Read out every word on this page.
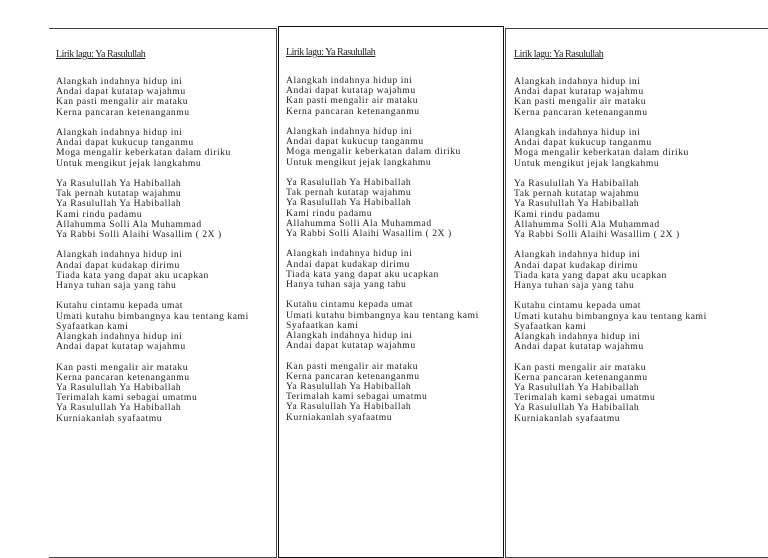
Lirik lagu: Ya Rasulullah
Alangkah indahnya hidup ini
Andai dapat kutatap wajahmu
Kan pasti mengalir air mataku
Kerna pancaran ketenanganmu
Alangkah indahnya hidup ini
Andai dapat kukucup tanganmu
Moga mengalir keberkatan dalam diriku
Untuk mengikut jejak langkahmu
Ya Rasulullah Ya Habiballah
Tak pernah kutatap wajahmu
Ya Rasulullah Ya Habiballah
Kami rindu padamu
Allahumma Solli Ala Muhammad
Ya Rabbi Solli Alaihi Wasallim ( 2X )
Alangkah indahnya hidup ini
Andai dapat kudakap dirimu
Tiada kata yang dapat aku ucapkan
Hanya tuhan saja yang tahu
Kutahu cintamu kepada umat
Umati kutahu bimbangnya kau tentang kami
Syafaatkan kami
Alangkah indahnya hidup ini
Andai dapat kutatap wajahmu
Kan pasti mengalir air mataku
Kerna pancaran ketenanganmu
Ya Rasulullah Ya Habiballah
Terimalah kami sebagai umatmu
Ya Rasulullah Ya Habiballah
Kurniakanlah syafaatmu
Lirik lagu: Ya Rasulullah
Alangkah indahnya hidup ini
Andai dapat kutatap wajahmu
Kan pasti mengalir air mataku
Kerna pancaran ketenanganmu
Alangkah indahnya hidup ini
Andai dapat kukucup tanganmu
Moga mengalir keberkatan dalam diriku
Untuk mengikut jejak langkahmu
Ya Rasulullah Ya Habiballah
Tak pernah kutatap wajahmu
Ya Rasulullah Ya Habiballah
Kami rindu padamu
Allahumma Solli Ala Muhammad
Ya Rabbi Solli Alaihi Wasallim ( 2X )
Alangkah indahnya hidup ini
Andai dapat kudakap dirimu
Tiada kata yang dapat aku ucapkan
Hanya tuhan saja yang tahu
Kutahu cintamu kepada umat
Umati kutahu bimbangnya kau tentang kami
Syafaatkan kami
Alangkah indahnya hidup ini
Andai dapat kutatap wajahmu
Kan pasti mengalir air mataku
Kerna pancaran ketenanganmu
Ya Rasulullah Ya Habiballah
Terimalah kami sebagai umatmu
Ya Rasulullah Ya Habiballah
Kurniakanlah syafaatmu
Lirik lagu: Ya Rasulullah
Alangkah indahnya hidup ini
Andai dapat kutatap wajahmu
Kan pasti mengalir air mataku
Kerna pancaran ketenanganmu
Alangkah indahnya hidup ini
Andai dapat kukucup tanganmu
Moga mengalir keberkatan dalam diriku
Untuk mengikut jejak langkahmu
Ya Rasulullah Ya Habiballah
Tak pernah kutatap wajahmu
Ya Rasulullah Ya Habiballah
Kami rindu padamu
Allahumma Solli Ala Muhammad
Ya Rabbi Solli Alaihi Wasallim ( 2X )
Alangkah indahnya hidup ini
Andai dapat kudakap dirimu
Tiada kata yang dapat aku ucapkan
Hanya tuhan saja yang tahu
Kutahu cintamu kepada umat
Umati kutahu bimbangnya kau tentang kami
Syafaatkan kami
Alangkah indahnya hidup ini
Andai dapat kutatap wajahmu
Kan pasti mengalir air mataku
Kerna pancaran ketenanganmu
Ya Rasulullah Ya Habiballah
Terimalah kami sebagai umatmu
Ya Rasulullah Ya Habiballah
Kurniakanlah syafaatmu
